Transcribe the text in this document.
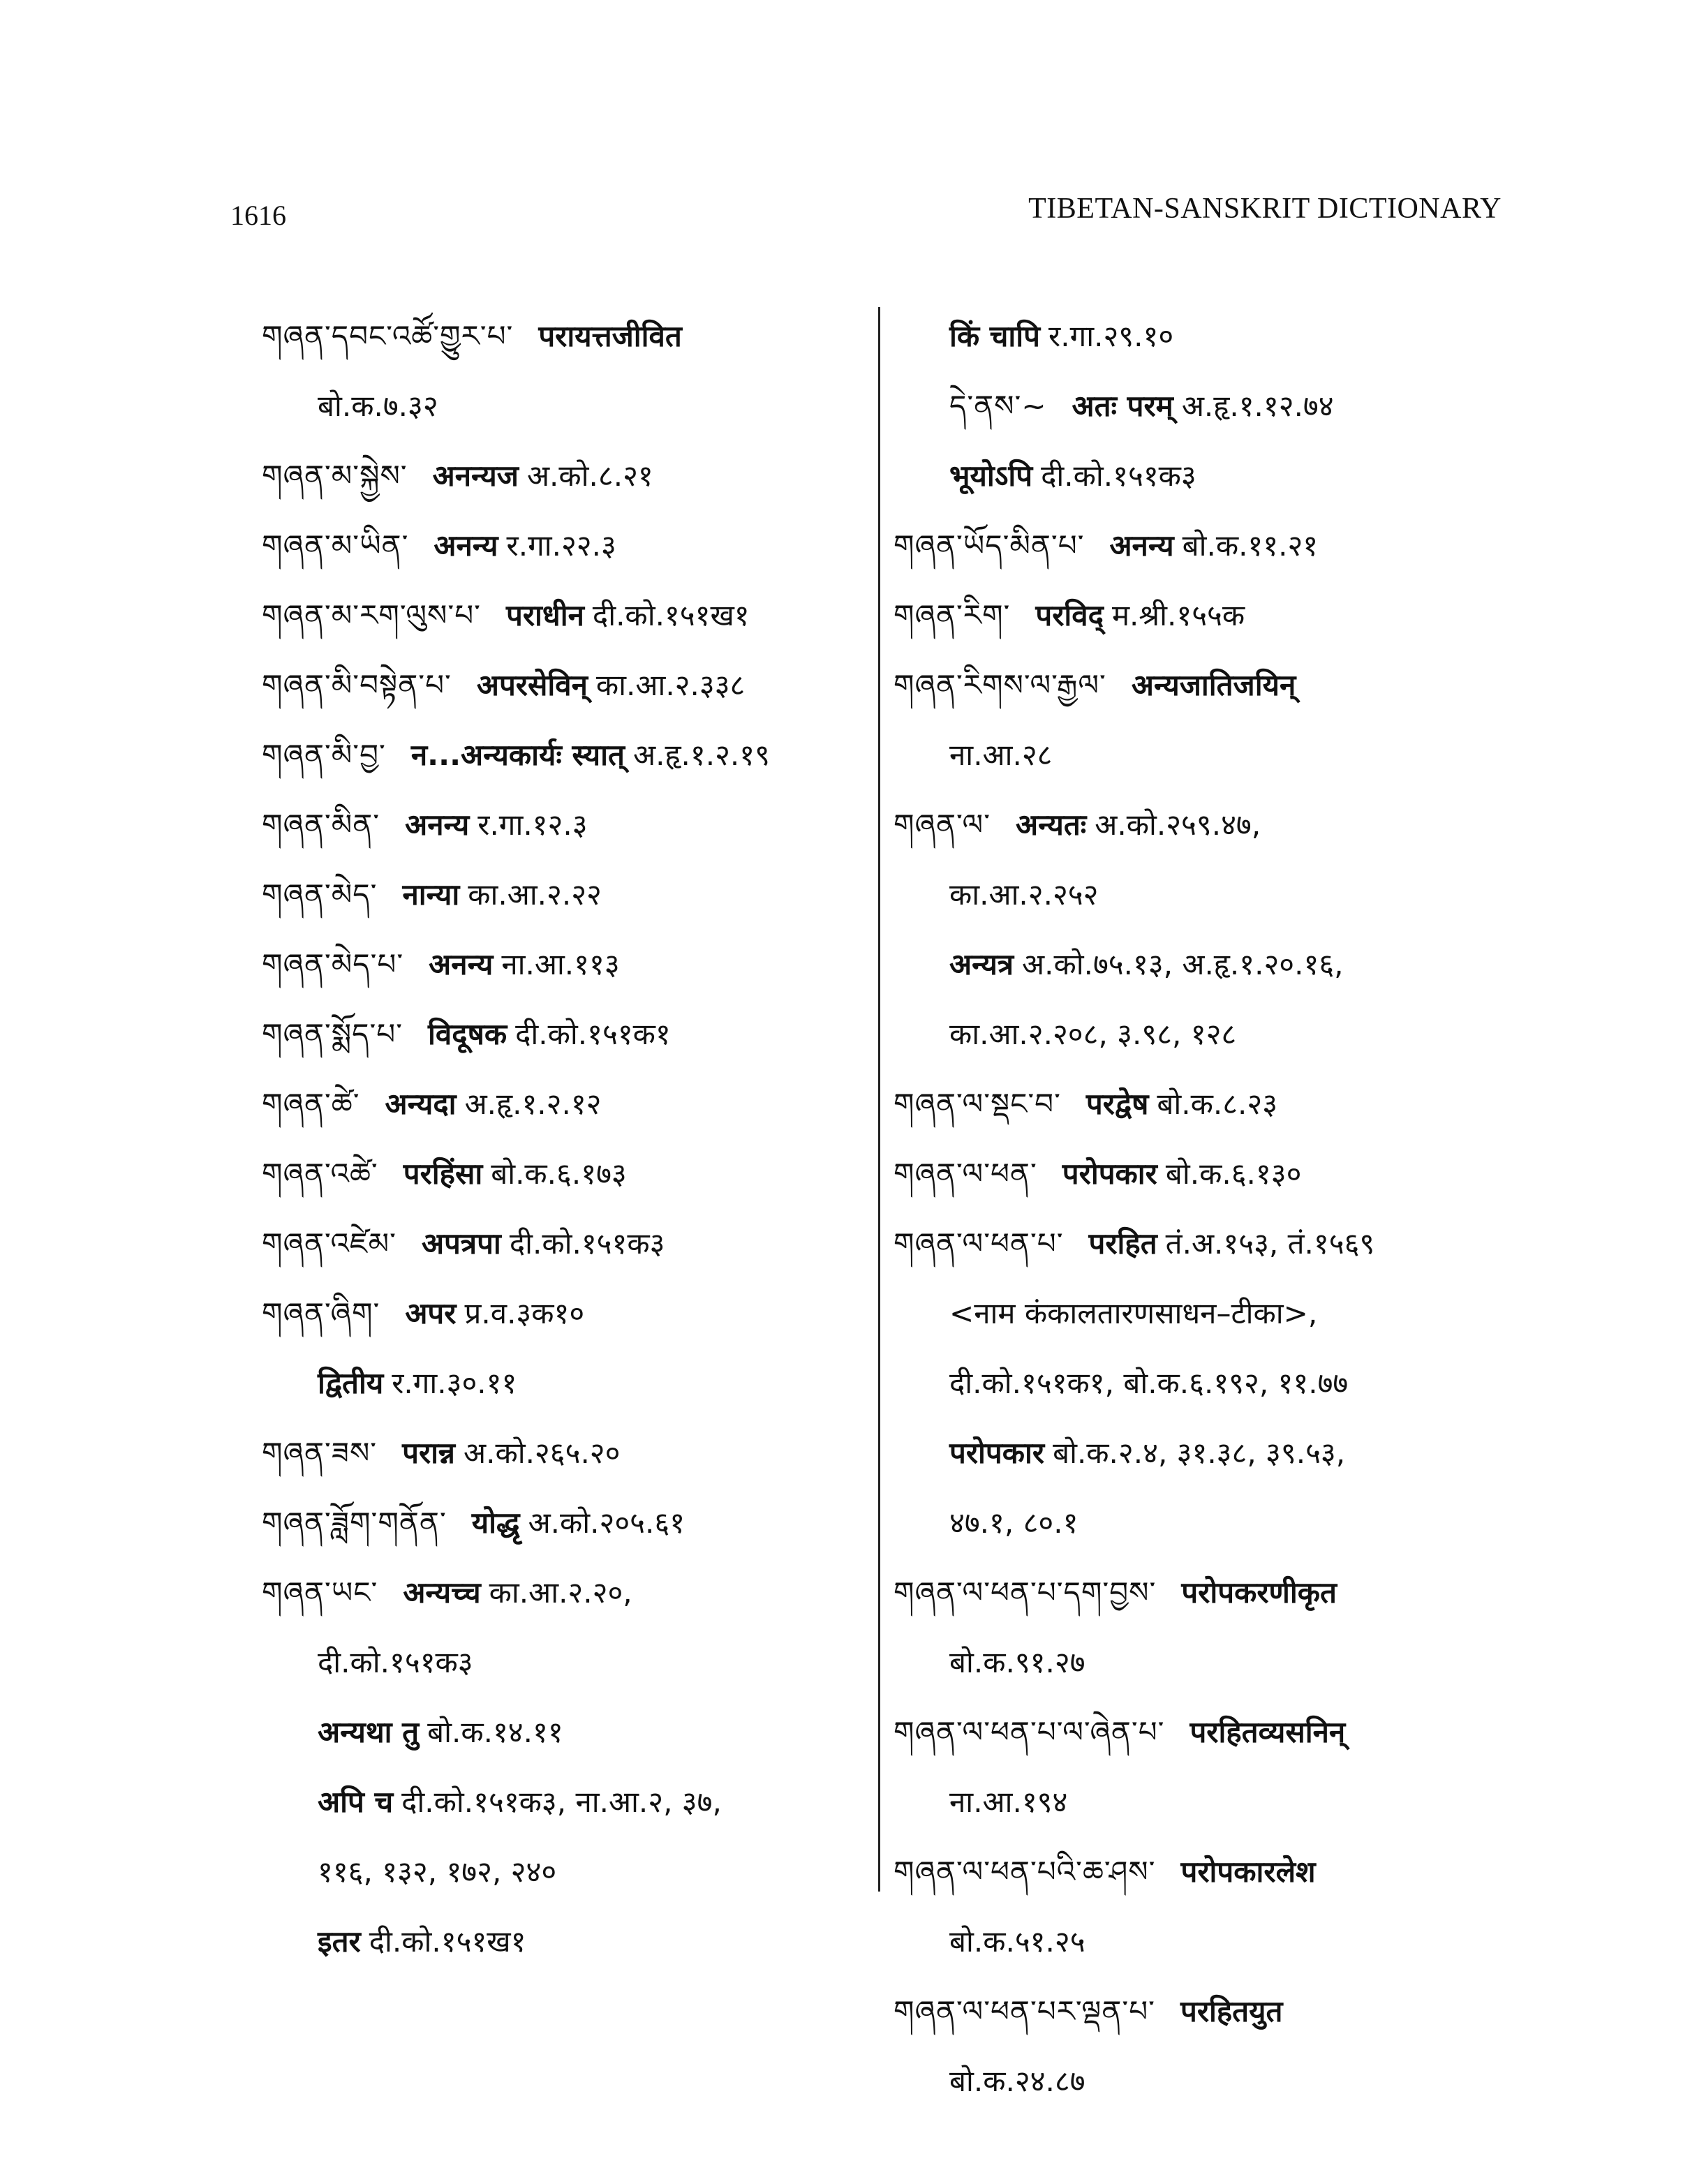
1616	TIBETAN-SANSKRIT DICTIONARY
གཞན་དབང་འཚོ་གྱུར་པ་ परायत्तजीवित
बो.क.७.३२
གཞན་མ་སྐྱེས་ अनन्यज अ.को.८.२१
གཞན་མ་ཡིན་ अनन्य र.गा.२२.३
གཞན་མ་རག་ལུས་པ་ पराधीन दी.को.१५१ख१
གཞན་མི་བསྟེན་པ་ अपरसेविन् का.आ.२.३३८
གཞན་མི་བྱ་ न...अन्यकार्यः स्यात् अ.हृ.१.२.१९
གཞན་མིན་ अनन्य र.गा.१२.३
གཞན་མེད་ नान्या का.आ.२.२२
གཞན་མེད་པ་ अनन्य ना.आ.११३
གཞན་སྨོད་པ་ विदूषक दी.को.१५१क१
གཞན་ཚེ་ अन्यदा अ.हृ.१.२.१२
གཞན་འཚེ་ परहिंसा बो.क.६.१७३
གཞན་འཛེམ་ अपत्रपा दी.को.१५१क३
གཞན་ཞིག་ अपर प्र.व.३क१०
द्वितीय र.गा.३०.११
གཞན་ཟས་ परान्न अ.को.२६५.२०
གཞན་ཟློག་གནོན་ योद्धृ अ.को.२०५.६१
གཞན་ཡང་ अन्यच्च का.आ.२.२०,
दी.को.१५१क३
अन्यथा तु बो.क.१४.११
अपि च दी.को.१५१क३, ना.आ.२, ३७,
११६, १३२, १७२, २४०
इतर दी.को.१५१ख१
किं चापि र.गा.२९.१०
དེ་ནས་~ अतः परम् अ.हृ.१.१२.७४
भूयोऽपि दी.को.१५१क३
གཞན་ཡོད་མིན་པ་ अनन्य बो.क.११.२१
གཞན་རིག་ परविद् म.श्री.१५५क
གཞན་རིགས་ལ་རྒྱལ་ अन्यजातिजयिन्
ना.आ.२८
གཞན་ལ་ अन्यतः अ.को.२५९.४७,
का.आ.२.२५२
अन्यत्र अ.को.७५.१३, अ.हृ.१.२०.१६,
का.आ.२.२०८, ३.९८, १२८
གཞན་ལ་སྡང་བ་ परद्वेष बो.क.८.२३
གཞན་ལ་ཕན་ परोपकार बो.क.६.१३०
གཞན་ལ་ཕན་པ་ परहित तं.अ.१५३, तं.१५६९
<नाम कंकालतारणसाधन–टीका>,
दी.को.१५१क१, बो.क.६.१९२, ११.७७
परोपकार बो.क.२.४, ३१.३८, ३९.५३,
४७.१, ८०.१
གཞན་ལ་ཕན་པ་དག་བྱས་ परोपकरणीकृत
बो.क.९१.२७
གཞན་ལ་ཕན་པ་ལ་ཞེན་པ་ परहितव्यसनिन्
ना.आ.१९४
གཞན་ལ་ཕན་པའི་ཆ་ཤས་ परोपकारलेश
बो.क.५१.२५
གཞན་ལ་ཕན་པར་ལྡན་པ་ परहितयुत
बो.क.२४.८७
